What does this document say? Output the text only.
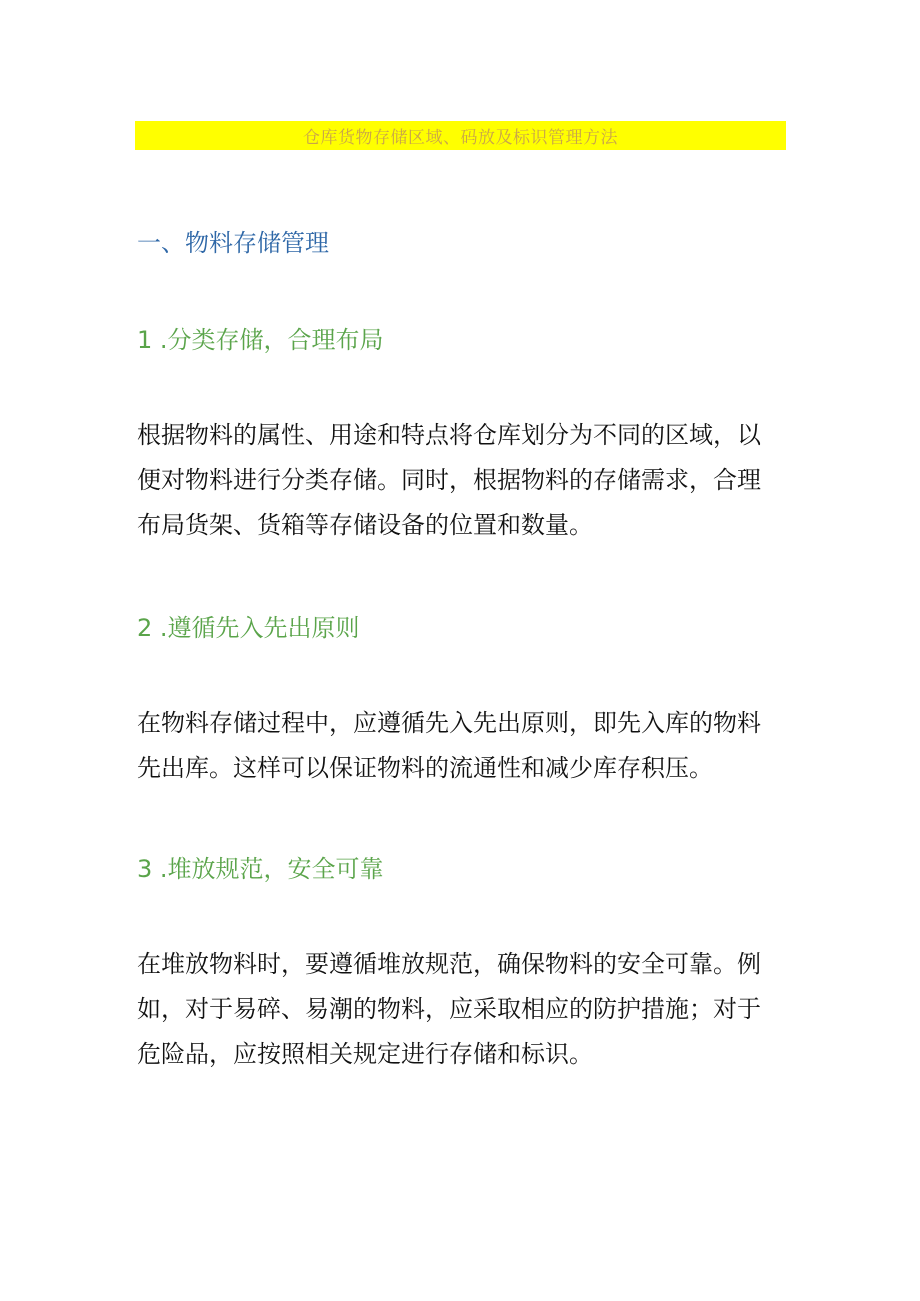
仓库货物存储区域、码放及标识管理方法
一、物料存储管理
1 .分类存储，合理布局
根据物料的属性、用途和特点将仓库划分为不同的区域，以
便对物料进行分类存储。同时，根据物料的存储需求，合理
布局货架、货箱等存储设备的位置和数量。
2 .遵循先入先出原则
在物料存储过程中，应遵循先入先出原则，即先入库的物料
先出库。这样可以保证物料的流通性和减少库存积压。
3 .堆放规范，安全可靠
在堆放物料时，要遵循堆放规范，确保物料的安全可靠。例
如，对于易碎、易潮的物料，应采取相应的防护措施；对于
危险品，应按照相关规定进行存储和标识。
